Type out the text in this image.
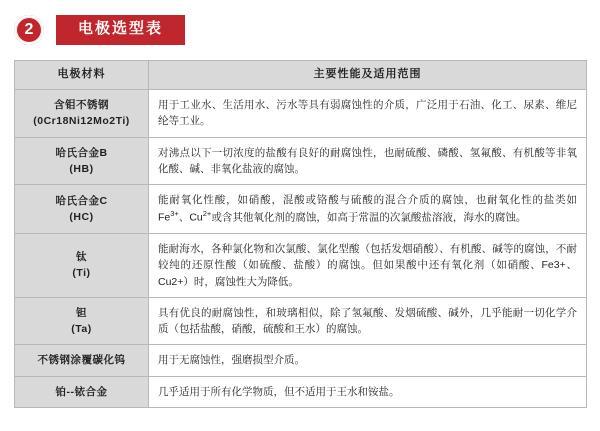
2	电极选型表
电极材料	主要性能及适用范围
含钼不锈钢
(0Cr18Ni12Mo2Ti)	用于工业水、生活用水、污水等具有弱腐蚀性的介质，广泛用于石油、化工、尿素、维尼纶等工业。
哈氏合金B
(HB)	对沸点以下一切浓度的盐酸有良好的耐腐蚀性，也耐硫酸、磷酸、氢氟酸、有机酸等非氧化酸、碱、非氧化盐液的腐蚀。
哈氏合金C
(HC)	能耐氧化性酸，如硝酸，混酸或铬酸与硫酸的混合介质的腐蚀，也耐氧化性的盐类如$Fe^{3+}$、$Cu^{2+}$或含其他氧化剂的腐蚀，如高于常温的次氯酸盐溶液，海水的腐蚀。
钛
(Ti)	能耐海水，各种氯化物和次氯酸、氯化型酸（包括发烟硝酸）、有机酸、碱等的腐蚀，不耐较纯的还原性酸（如硫酸、盐酸）的腐蚀。但如果酸中还有氧化剂（如硝酸、Fe3+、Cu2+）时，腐蚀性大为降低。
钽
(Ta)	具有优良的耐腐蚀性，和玻璃相似，除了氢氟酸、发烟硫酸、碱外，几乎能耐一切化学介质（包括盐酸，硝酸，硫酸和王水）的腐蚀。
不锈钢涂覆碳化钨	用于无腐蚀性，强磨损型介质。
铂--铱合金	几乎适用于所有化学物质，但不适用于王水和铵盐。
